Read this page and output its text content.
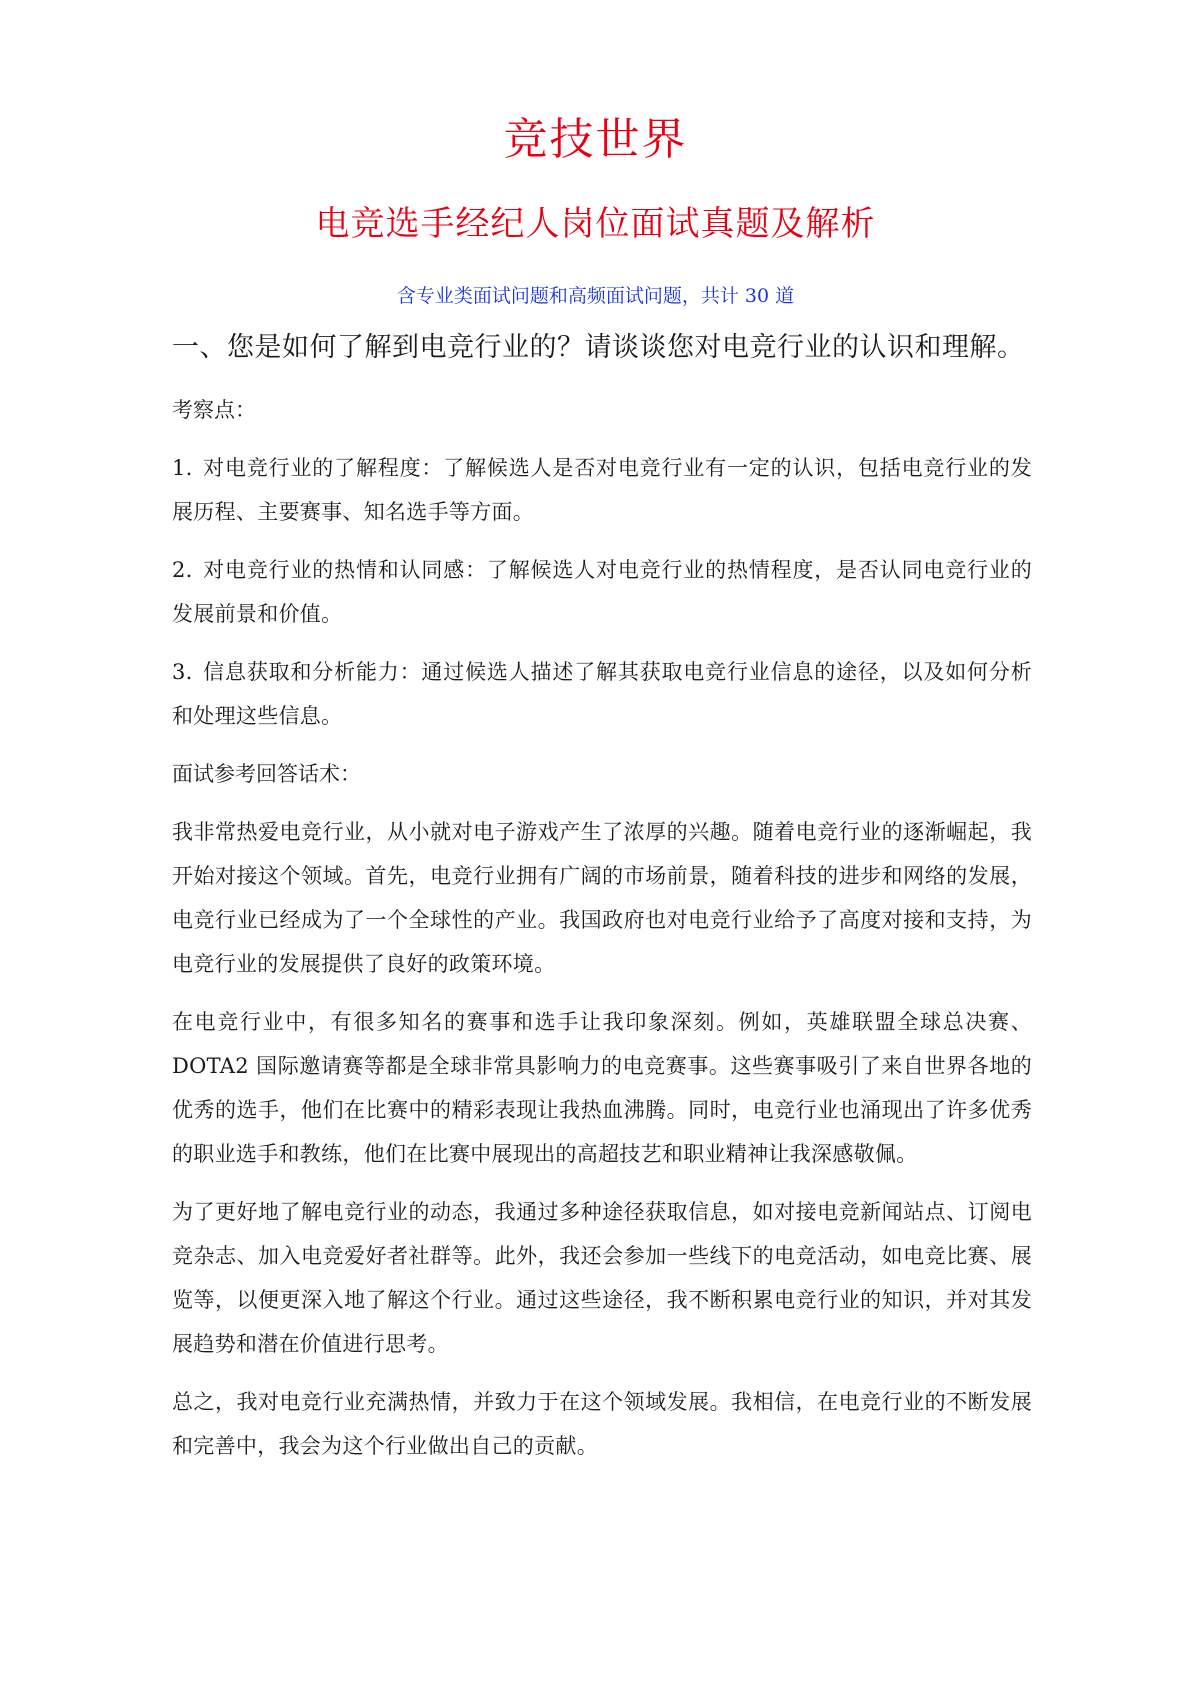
竞技世界
电竞选手经纪人岗位面试真题及解析
含专业类面试问题和高频面试问题，共计 30 道
一、您是如何了解到电竞行业的？请谈谈您对电竞行业的认识和理解。
考察点：
1. 对电竞行业的了解程度：了解候选人是否对电竞行业有一定的认识，包括电竞行业的发展历程、主要赛事、知名选手等方面。
2. 对电竞行业的热情和认同感：了解候选人对电竞行业的热情程度，是否认同电竞行业的发展前景和价值。
3. 信息获取和分析能力：通过候选人描述了解其获取电竞行业信息的途径，以及如何分析和处理这些信息。
面试参考回答话术：
我非常热爱电竞行业，从小就对电子游戏产生了浓厚的兴趣。随着电竞行业的逐渐崛起，我开始对接这个领域。首先，电竞行业拥有广阔的市场前景，随着科技的进步和网络的发展，电竞行业已经成为了一个全球性的产业。我国政府也对电竞行业给予了高度对接和支持，为电竞行业的发展提供了良好的政策环境。
在电竞行业中，有很多知名的赛事和选手让我印象深刻。例如，英雄联盟全球总决赛、DOTA2 国际邀请赛等都是全球非常具影响力的电竞赛事。这些赛事吸引了来自世界各地的优秀的选手，他们在比赛中的精彩表现让我热血沸腾。同时，电竞行业也涌现出了许多优秀的职业选手和教练，他们在比赛中展现出的高超技艺和职业精神让我深感敬佩。
为了更好地了解电竞行业的动态，我通过多种途径获取信息，如对接电竞新闻站点、订阅电竞杂志、加入电竞爱好者社群等。此外，我还会参加一些线下的电竞活动，如电竞比赛、展览等，以便更深入地了解这个行业。通过这些途径，我不断积累电竞行业的知识，并对其发展趋势和潜在价值进行思考。
总之，我对电竞行业充满热情，并致力于在这个领域发展。我相信，在电竞行业的不断发展和完善中，我会为这个行业做出自己的贡献。
